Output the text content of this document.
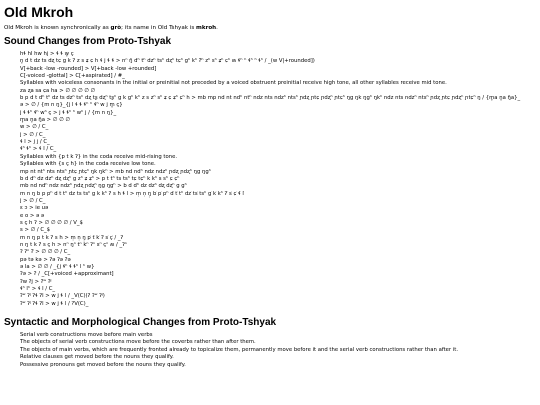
Old Mkroh

Old Mkroh is known synchronically as grò; its name in Old Tshyak is mkroh.

Sound Changes from Proto-Tshyak
• hɬ hl hw hj > ɬ ɬ w̥ ç
• n̥ d t dz ts dʐ tɕ g k ʔ z s ʑ ɕ h ɬ j ɬ ɬ > nⁿ ŋ̊ dʰ tʰ dzʰ tsʰ dʐʰ tɕʰ gʰ kʰ ʔʰ zʰ sʰ ʑʰ ɕʰ ʍ ɬʰ ʰ ɬʰ ʰ ɬʰ / _(w V|+rounded])
• V[+back -low -rounded] > V[+back -low +rounded]
• C[-voiced -glottal] > C[+aspirated] / #_
• Syllables with voiceless consonants in the initial or preinitial not preceded by a voiced obstruent preinitial receive high tone, all other syllables receive mid tone.
• za ʐa sa ɕa ha > ∅ ∅ ∅ ∅ ∅
• b p d t dʰ tʰ dz ts dzʰ tsʰ dʐ tʂ dʐʰ tʂʰ g k gʰ kʰ z s zʰ sʰ ʑ ɕ ʑʰ ɕʰ h > mb mp nd nt ndʰ ntʰ ndz nts ndzʰ ntsʰ ɲdʐ ɲtɕ ɲdʐʰ ɲtɕʰ ŋg ŋk ŋgʰ ŋkʰ ndz nts ndzʰ ntsʰ ɲdʐ ɲtɕ ɲdʐʰ ɲtɕʰ ŋ / {m̥a n̥a ŋ̊a}_
• ə > ∅ / {m n ŋ}_{j l ɬ ɬ ɬʰ ʰ ɬʰ w j m̥ ç}
• j ɬ ɬʰ ɬʰ wʰ ç > j ɬ ɬʰ ʰ wʰ j / {m n ŋ}_
• m̥a n̥a ŋ̊a > ∅ ∅ ∅
• w > ∅ / C_
• j > ∅ / C_
• ɬ l > j j / C_
• ɬʰ ɬʰ > ɬ l / C_
• Syllables with {p t k ʔ} in the coda receive mid-rising tone.
• Syllables with {s ç h} in the coda receive low tone.
• mp nt ntʰ nts ntsʰ ɲtɕ ɲtɕʰ ŋk ŋkʰ > mb nd ndʰ ndz ndzʰ ɲdʐ ɲdʐʰ ŋg ŋgʰ
• b d dʰ dz dzʰ dʐ dʐʰ g zʰ ʑ ʑʰ > p t tʰ ts tsʰ tɕ tɕʰ k kʰ s sʰ ɕ ɕʰ
• mb nd ndʰ ndz ndzʰ ɲdʐ ɲdʐʰ ŋg ŋgʰ > b d dʰ dz dzʰ dʐ dʐʰ g gʰ
• m n ŋ b p pʰ d t tʰ dz ts tsʰ g k kʰ ʔ s h ɬ l > m̩ n̩ ŋ̩ b̚ p̚ pʰ d̚ t̚ tʰ dz̚ ts̚ tsʰ g̚ k̚ kʰ ʔ̚ s̚ ɕ̚ ɬ̚ l̚
• j > ∅ / C_
• ɛ ɔ > ie uə
• e o > ə ə
• s ç h ʔ > ∅ ∅ ∅ ∅ / V_$
• s > ∅ / C_$
• m n ŋ p t k ʔ s h > m̩ n̩ ŋ̩ p̚ t̚ k̚ ʔ̚ s̚ ç̚ / _ʔ
• n ŋ t k ʔ s ç h > nⁿ ŋⁿ tⁿ kⁿ ʔⁿ sⁿ çⁿ ʍ / _ʔⁿ
• ʔ ʔⁿ ʔ̚ > ∅ ∅ ∅ / C_
• pə tə kə > ʔə ʔə ʔə
• ə la > ∅ ∅ / _{j ɬʰ ɬ ɬʰ l ʰ w}
• ʔə > ʔ / _C[+voiced +approximant]
• ʔw ʔj > ʔʷ ʔʲ
• ɬʰ lʰ > ɬ l / C_
• ʔʷ ʔʲ ʔɬ ʔl > w j ɬ l / _V(C)(ʔ ʔʷ ʔʲ)
• ʔʷ ʔʲ ʔɬ ʔl > w j ɬ l / ?V(C)_
Syntactic and Morphological Changes from Proto-Tshyak
• Serial verb constructions move before main verbs
• The objects of serial verb constructions move before the coverbs rather than after them.
• The objects of main verbs, which are frequently fronted already to topicalize them, permanently move before it and the serial verb constructions rather than after it.
• Relative clauses get moved before the nouns they qualify.
• Possessive pronouns get moved before the nouns they qualify.
